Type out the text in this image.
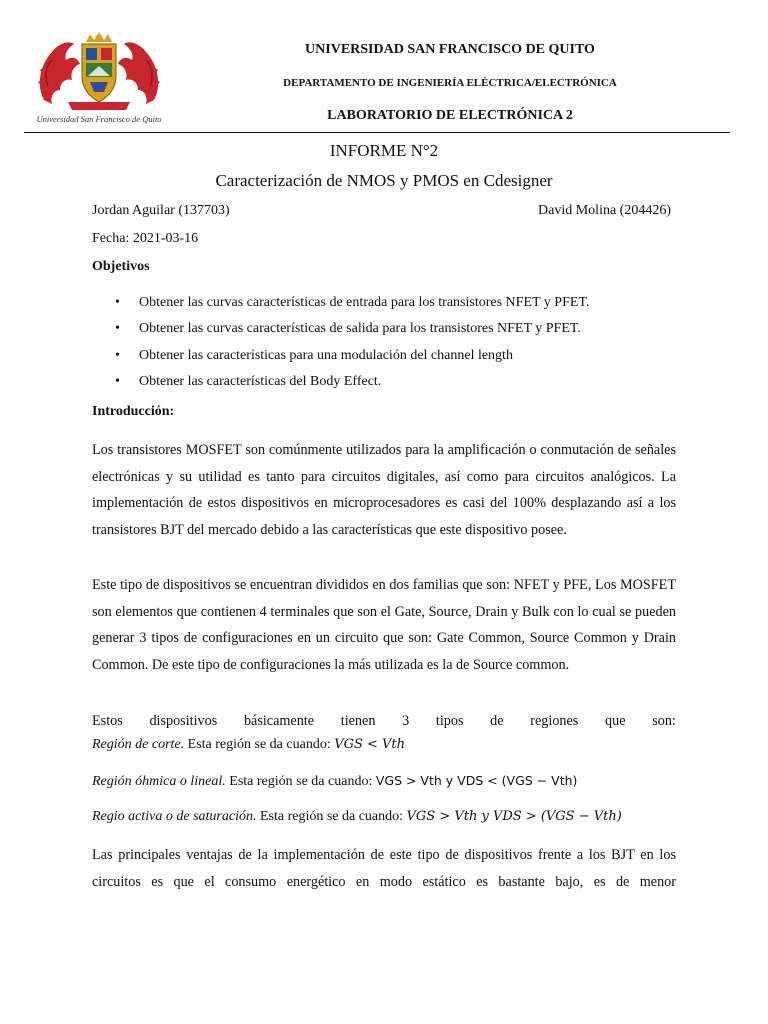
Universidad San Francisco de Quito
UNIVERSIDAD SAN FRANCISCO DE QUITO
DEPARTAMENTO DE INGENIERÍA ELÉCTRICA/ELECTRÓNICA
LABORATORIO DE ELECTRÓNICA 2
INFORME N°2
Caracterización de NMOS y PMOS en Cdesigner
Jordan Aguilar (137703)	David Molina (204426)
Fecha: 2021-03-16
Objetivos
• Obtener las curvas características de entrada para los transistores NFET y PFET.
• Obtener las curvas características de salida para los transistores NFET y PFET.
• Obtener las características para una modulación del channel length
• Obtener las características del Body Effect.
Introducción:
Los transistores MOSFET son comúnmente utilizados para la amplificación o conmutación de señales electrónicas y su utilidad es tanto para circuitos digitales, así como para circuitos analógicos. La implementación de estos dispositivos en microprocesadores es casi del 100% desplazando así a los transistores BJT del mercado debido a las características que este dispositivo posee.
Este tipo de dispositivos se encuentran divididos en dos familias que son: NFET y PFE, Los MOSFET son elementos que contienen 4 terminales que son el Gate, Source, Drain y Bulk con lo cual se pueden generar 3 tipos de configuraciones en un circuito que son: Gate Common, Source Common y Drain Common. De este tipo de configuraciones la más utilizada es la de Source common.
Estos dispositivos básicamente tienen 3 tipos de regiones que son:
Región de corte. Esta región se da cuando: VGS < Vth
Región óhmica o lineal. Esta región se da cuando: VGS > Vth y VDS < (VGS − Vth)
Regio activa o de saturación. Esta región se da cuando: VGS > Vth y VDS > (VGS − Vth)
Las principales ventajas de la implementación de este tipo de dispositivos frente a los BJT en los circuitos es que el consumo energético en modo estático es bastante bajo, es de menor
